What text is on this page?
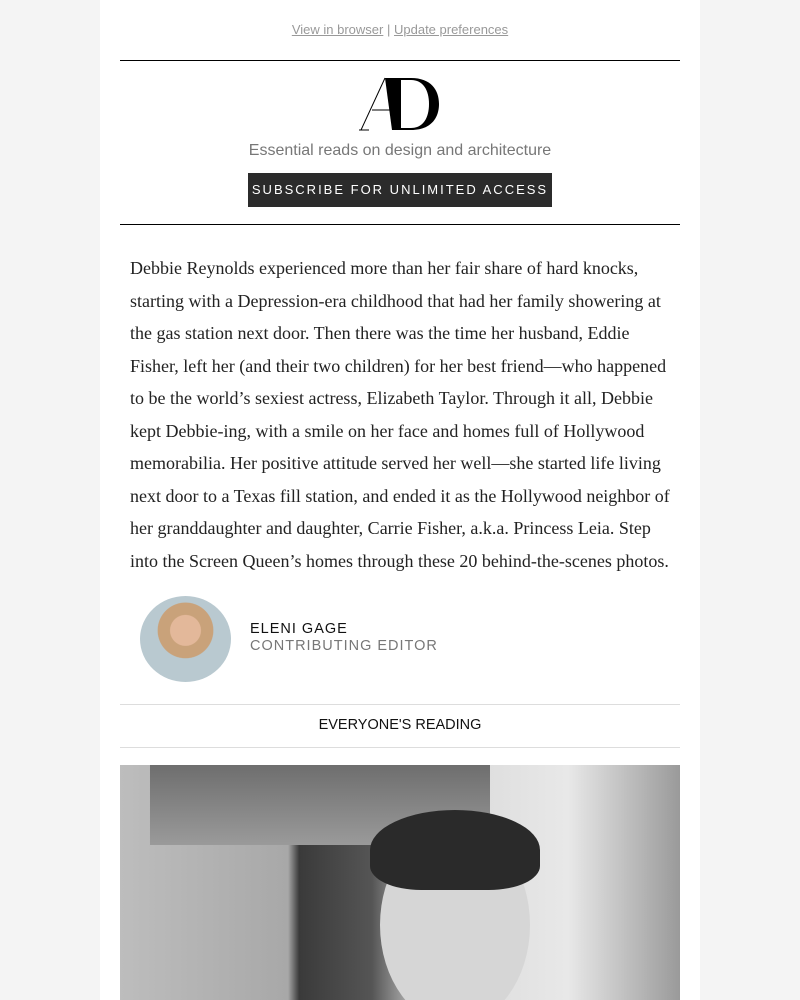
View in browser | Update preferences
Essential reads on design and architecture
SUBSCRIBE FOR UNLIMITED ACCESS
Debbie Reynolds experienced more than her fair share of hard knocks,
starting with a Depression-era childhood that had her family showering at
the gas station next door. Then there was the time her husband, Eddie
Fisher, left her (and their two children) for her best friend—who happened
to be the world’s sexiest actress, Elizabeth Taylor. Through it all, Debbie
kept Debbie-ing, with a smile on her face and homes full of Hollywood
memorabilia. Her positive attitude served her well—she started life living
next door to a Texas fill station, and ended it as the Hollywood neighbor of
her granddaughter and daughter, Carrie Fisher, a.k.a. Princess Leia. Step
into the Screen Queen’s homes through these 20 behind-the-scenes photos.
ELENI GAGE
CONTRIBUTING EDITOR
EVERYONE'S READING
